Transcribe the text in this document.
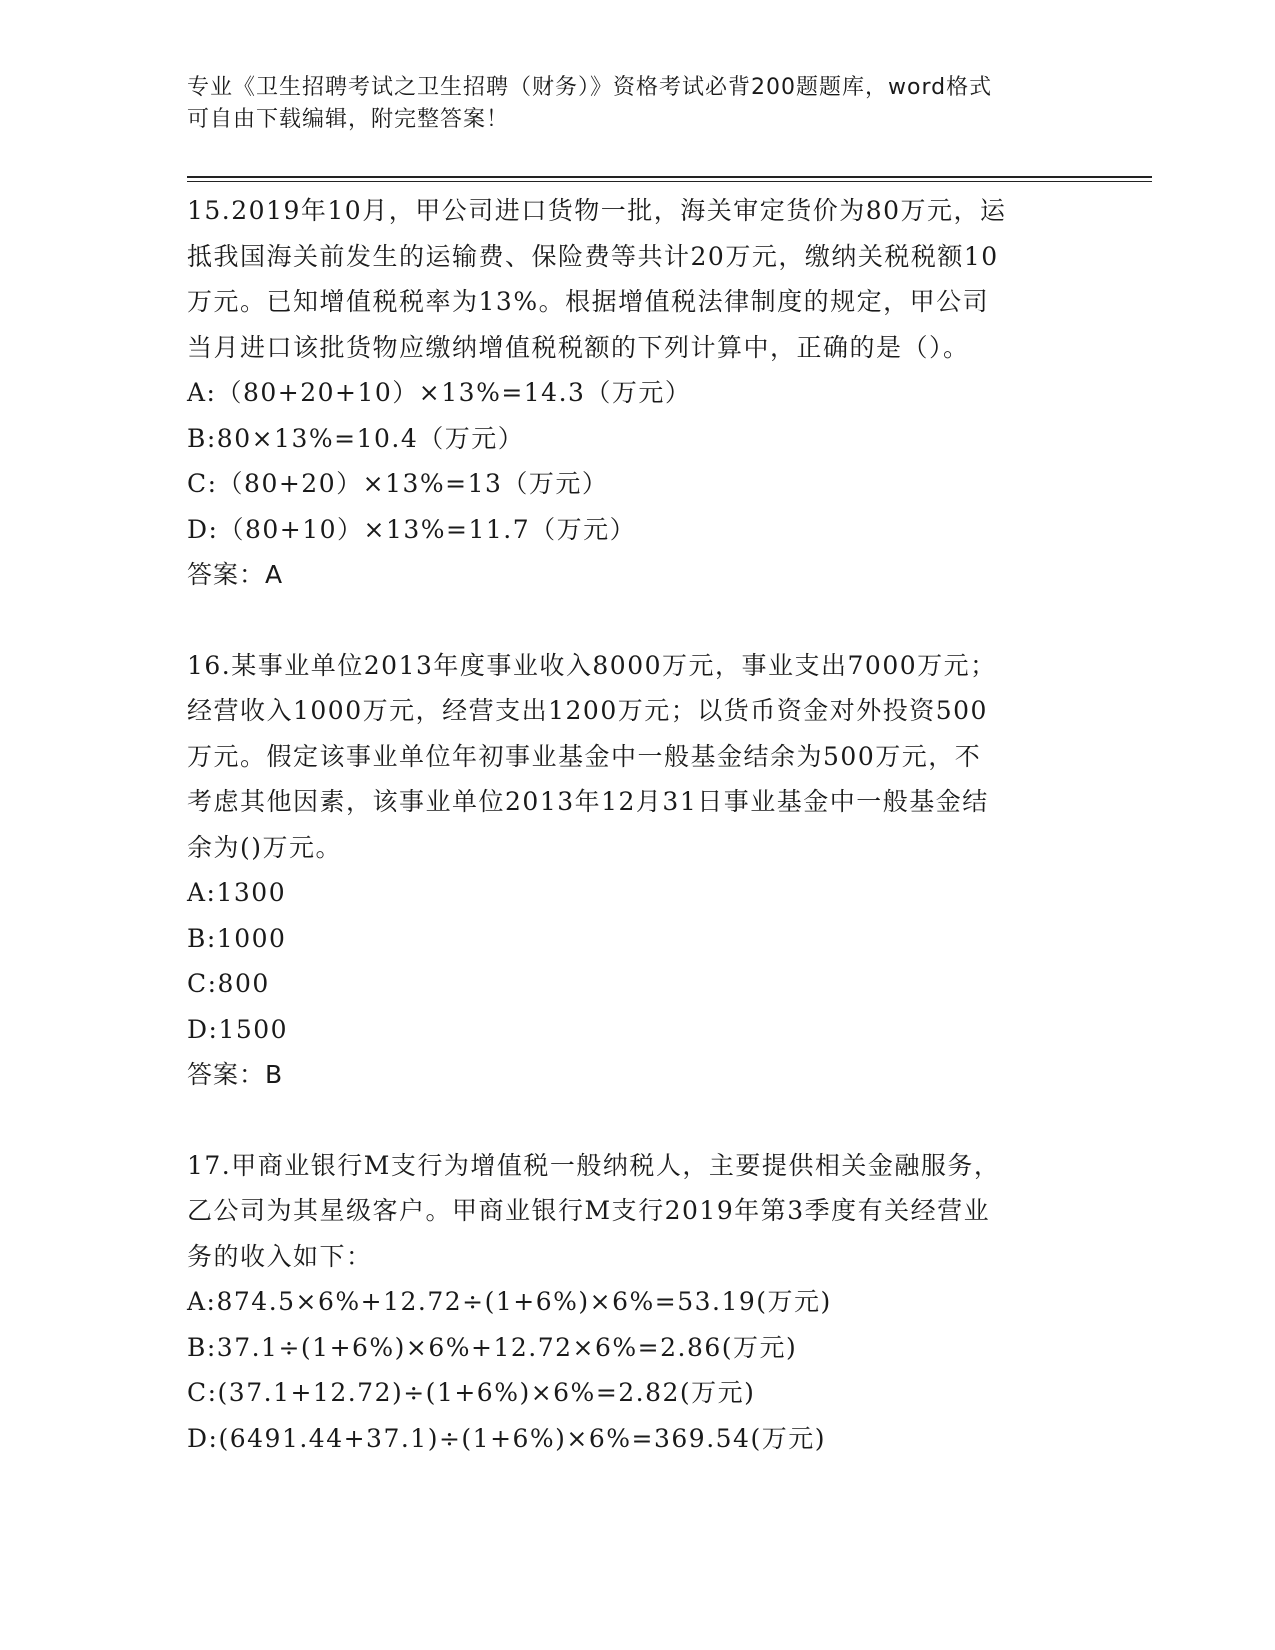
专业《卫生招聘考试之卫生招聘（财务）》资格考试必背200题题库，word格式
可自由下载编辑，附完整答案！
15.2019年10月，甲公司进口货物一批，海关审定货价为80万元，运
抵我国海关前发生的运输费、保险费等共计20万元，缴纳关税税额10
万元。已知增值税税率为13%。根据增值税法律制度的规定，甲公司
当月进口该批货物应缴纳增值税税额的下列计算中，正确的是（）。
A:（80+20+10）×13%=14.3（万元）
B:80×13%=10.4（万元）
C:（80+20）×13%=13（万元）
D:（80+10）×13%=11.7（万元）
答案：A
16.某事业单位2013年度事业收入8000万元，事业支出7000万元；
经营收入1000万元，经营支出1200万元；以货币资金对外投资500
万元。假定该事业单位年初事业基金中一般基金结余为500万元，不
考虑其他因素，该事业单位2013年12月31日事业基金中一般基金结
余为()万元。
A:1300
B:1000
C:800
D:1500
答案：B
17.甲商业银行M支行为增值税一般纳税人，主要提供相关金融服务，
乙公司为其星级客户。甲商业银行M支行2019年第3季度有关经营业
务的收入如下：
A:874.5×6%+12.72÷(1+6%)×6%=53.19(万元)
B:37.1÷(1+6%)×6%+12.72×6%=2.86(万元)
C:(37.1+12.72)÷(1+6%)×6%=2.82(万元)
D:(6491.44+37.1)÷(1+6%)×6%=369.54(万元)
